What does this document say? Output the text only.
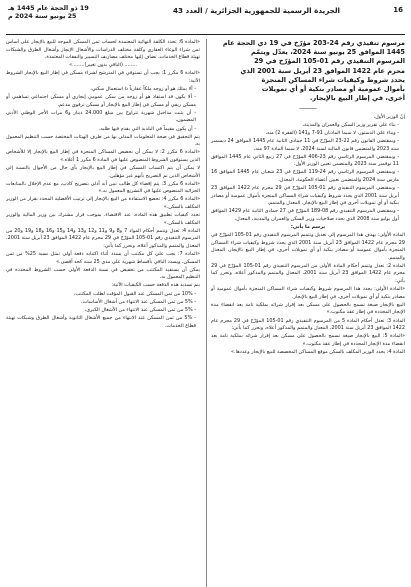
16
الجريدة الرسمية للجمهورية الجزائرية / العدد 43
19 ذو الحجة عام 1445 هـ
25 يونيو سنة 2024 م
مرسوم تنفيذي رقم 24-203 مؤرّخ في 19 ذي الحجة عام
1445 الموافق 25 يونيو سنة 2024، يعدّل ويتمّم
المرسوم التنفيذي رقم 01-105 المؤرّخ في 29
محرم عام 1422 الموافق 23 أبريل سنة 2001 الذي
يحدد شروط وكيفيات شراء المساكن المنجزة
بأموال عمومية أو مصادر بنكية أو أي تمويلات
أخرى، في إطار البيع بالإيجار.

ــــــــــــ

إنّ الوزير الأول،

- بناء على تقرير وزير السكن والعمران والمدينة،

- وبناء على الدستور، لا سيما المادتان 91-7 و141 (الفقرة 2) منه،

- وبمقتضى القانون رقم 22-23 المؤرّخ في 11 جمادى الثانية عام 1445 الموافق 24 ديسمبر سنة 2023 والمتضمن قانون المالية لسنة 2024، لا سيما المادة 97 منه،

- وبمقتضى المرسوم الرئاسي رقم 23-406 المؤرّخ في 27 ربيع الثاني عام 1445 الموافق 11 نوفمبر سنة 2023 والمتضمن تعيين الوزير الأول،

- وبمقتضى المرسوم الرئاسي رقم 24-119 المؤرّخ في 23 شعبان عام 1445 الموافق 16 مارس سنة 2024 والمتضمن تعيين أعضاء الحكومة، المعدل،

- وبمقتضى المرسوم التنفيذي رقم 01-105 المؤرّخ في 29 محرم عام 1422 الموافق 23 أبريل سنة 2001 الذي يحدد شروط وكيفيات شراء المساكن المنجزة بأموال عمومية أو مصادر بنكية أو أي تمويلات أخرى في إطار البيع بالإيجار، المعدل والمتمم،

- وبمقتضى المرسوم التنفيذي رقم 08-189 المؤرّخ في 27 جمادى الثانية عام 1429 الموافق أول يوليو سنة 2008 الذي يحدد صلاحيات وزير السكن والعمران والمدينة، المعدل،

يرسم ما يأتي:

المادة الأولى: يهدف هذا المرسوم إلى تعديل وتتميم المرسوم التنفيذي رقم 01-105 المؤرّخ في 29 محرم عام 1422 الموافق 23 أبريل سنة 2001 الذي يحدد شروط وكيفيات شراء المساكن المنجزة بأموال عمومية أو مصادر بنكية أو أي تمويلات أخرى، في إطار البيع بالإيجار، المعدل والمتمم.

المادة 2: تعدل وتتمم أحكام المادة الأولى من المرسوم التنفيذي رقم 01-105 المؤرّخ في 29 محرم عام 1422 الموافق 23 أبريل سنة 2001، المعدل والمتمم والمذكور أعلاه، وتحرر كما يأتي:

«المادة الأولى: يحدد هذا المرسوم شروط وكيفيات شراء المساكن المنجزة بأموال عمومية أو مصادر بنكية أو أي تمويلات أخرى، في إطار البيع بالإيجار.

البيع بالإيجار صيغة تسمح بالحصول على مسكن بعد إقرار شرائه بملكية تامة بعد انقضاء مدة الإيجار المحددة في إطار عقد مكتوب.»

المادة 3: تعدل أحكام المادة 5 من المرسوم التنفيذي رقم 01-105 المؤرّخ في 29 محرم عام 1422 الموافق 23 أبريل سنة 2001، المعدل والمتمم والمذكور أعلاه، وتحرر كما يأتي:

«المادة 5: البيع بالإيجار صيغة تسمح بالحصول على مسكن بعد إقرار شرائه بملكية تامة بعد انقضاء مدة الإيجار المحددة في إطار عقد مكتوب.»

المادة 4: يحدد الوزير المكلف بالسكن موقع المساكن المخصصة للبيع بالإيجار وعددها.»

«المادة 6: تحدد الكلفة النهائية المعتمدة لحساب ثمن المسكن الموجه للبيع بالإيجار على أساس ثمن شراء الوعاء العقاري وكلفة مختلف الدراسات والأشغال الإنجاز وأشغال الطرق والشبكات تهيئة قطاع الخدمات، تضاف إليها مختلف مصاريف التسيير والنفقات المعتمدة.

........ (الباقي بدون تغيير)........»

«المادة 6 مكرر 1: يجب أن تستوفي في المترشح لشراء مسكن في إطار البيع بالإيجار الشروط الآتية:

- ألا يملك هو أو زوجه ملكاً عقارياً ذا استعمال سكني،

- ألا يكون قد استفاد هو أو زوجه من سكن عمومي إيجاري أو مسكن اجتماعي تساهمي أو مسكن ريفي أو مسكن في إطار البيع بالإيجار أو مسكن ترقوي مدعم،

- أن يثبت مداخيل شهرية تتراوح بين مبلغ 24.000 دينار و6 مرات الأجر الوطني الأدنى المضمون،

- أن يكون مقيماً في البلدية التي يقدم فيها طلبه.

يتم التحقيق في صحة المعلومات المدلى بها من طرف الهيئات المختصة حسب التنظيم المعمول به.

«المادة 6 مكرر 2: لا يمكن أن تخصص المساكن المنجزة في إطار البيع بالإيجار إلا للأشخاص الذين يستوفون الشروط المنصوص عليها في المادة 6 مكرر 1 أعلاه.»

لا يمكن أن يتم اكتساب المسكن في إطار البيع بالإيجار بأي حال من الأحوال بالنسبة إلى الأشخاص الذين تم التصريح بأنهم غير مؤهلين.

«المادة 6 مكرر 3: يتم إقصاء كل طالب تبين أنه أدلى بتصريح كاذب، مع عدم الإخلال بالمتابعات الجزائية المنصوص عليها في التشريع المعمول به.»

«المادة 6 مكرر 4: تخضع الاستفادة من البيع بالإيجار إلى ترتيب الأفضلية المحدد بقرار من الوزير المكلف بالسكن.»

تحدد كيفيات تطبيق هذه المادة، عند الاقتضاء، بموجب قرار مشترك بين وزير المالية والوزير المكلف بالسكن.»

المادة 4: تعدل وتتمم أحكام المواد 7 و8 و9 و11 و12 و13 و14 و15 و16 و18 و19 و20 من المرسوم التنفيذي رقم 01-105 المؤرّخ في 29 محرم عام 1422 الموافق 23 أبريل سنة 2001، المعدل والمتمم والمذكور أعلاه، وتحرر كما يأتي:

«المادة 7: يجب على كل مكتتب أن يسدد أثناء اكتتابه دفعة أولى تمثل نسبة 25% من ثمن المسكن، ويسدد الباقي بأقساط شهرية على مدى 25 سنة كحد أقصى.»

يمكن أن يستفيد المكتتب من تخفيض في نسبة الدفعة الأولى حسب الشروط المحددة في التنظيم المعمول به.

يتم تسديد هذه الدفعة حسب الكيفيات الآتية:

- 10% من ثمن المسكن عند القبول المؤقت لطلب المكتتب،

- 5% من ثمن المسكن عند الانتهاء من أشغال الأساسات،

- 5% من ثمن المسكن عند الانتهاء من الأشغال الكبرى،

- 5% من ثمن المسكن عند الانتهاء من جميع الأشغال الثانوية وأشغال الطرق وشبكات تهيئة قطاع الخدمات.
